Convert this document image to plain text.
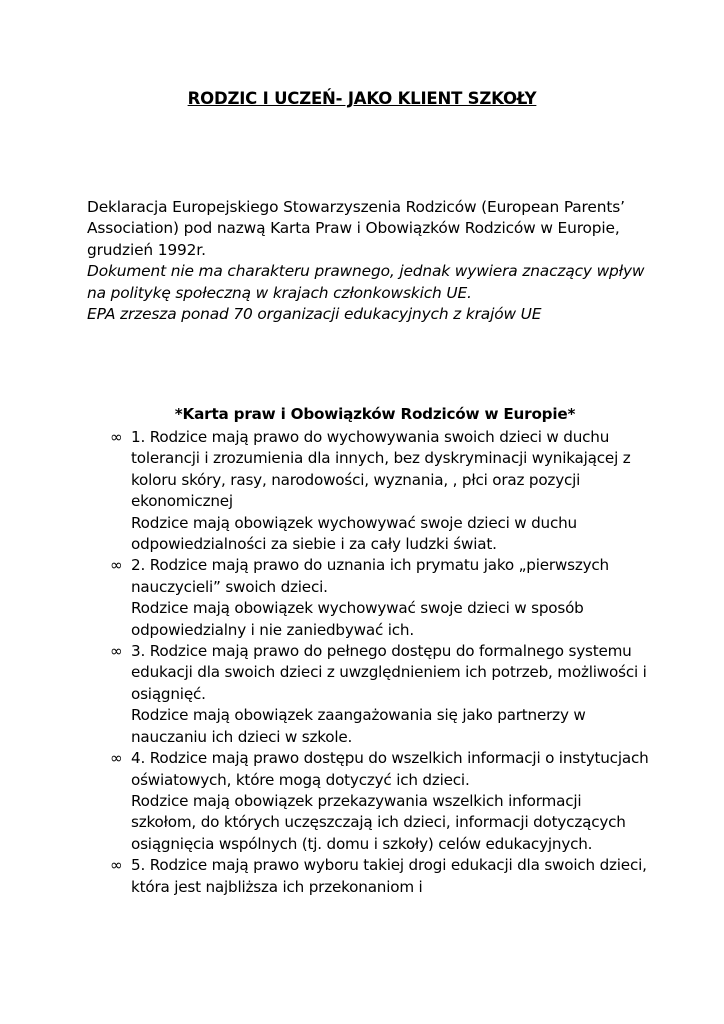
RODZIC I UCZEŃ- JAKO KLIENT SZKOŁY
Deklaracja Europejskiego Stowarzyszenia Rodziców (European Parents’ Association) pod nazwą Karta Praw i Obowiązków Rodziców w Europie, grudzień 1992r.
Dokument nie ma charakteru prawnego, jednak wywiera znaczący wpływ na politykę społeczną w krajach członkowskich UE.
EPA zrzesza ponad 70 organizacji edukacyjnych z krajów UE
*Karta praw i Obowiązków Rodziców w Europie*
∞ 1. Rodzice mają prawo do wychowywania swoich dzieci w duchu tolerancji i zrozumienia dla innych, bez dyskryminacji wynikającej z koloru skóry, rasy, narodowości, wyznania, , płci oraz pozycji ekonomicznej

Rodzice mają obowiązek wychowywać swoje dzieci w duchu odpowiedzialności za siebie i za cały ludzki świat.

∞ 2. Rodzice mają prawo do uznania ich prymatu jako „pierwszych nauczycieli” swoich dzieci.

Rodzice mają obowiązek wychowywać swoje dzieci w sposób odpowiedzialny i nie zaniedbywać ich.

∞ 3. Rodzice mają prawo do pełnego dostępu do formalnego systemu edukacji dla swoich dzieci z uwzględnieniem ich potrzeb, możliwości i osiągnięć.

Rodzice mają obowiązek zaangażowania się jako partnerzy w nauczaniu ich dzieci w szkole.

∞ 4. Rodzice mają prawo dostępu do wszelkich informacji o instytucjach oświatowych, które mogą dotyczyć ich dzieci.

Rodzice mają obowiązek przekazywania wszelkich informacji szkołom, do których uczęszczają ich dzieci, informacji dotyczących osiągnięcia wspólnych (tj. domu i szkoły) celów edukacyjnych.

∞ 5. Rodzice mają prawo wyboru takiej drogi edukacji dla swoich dzieci, która jest najbliższa ich przekonaniom i
